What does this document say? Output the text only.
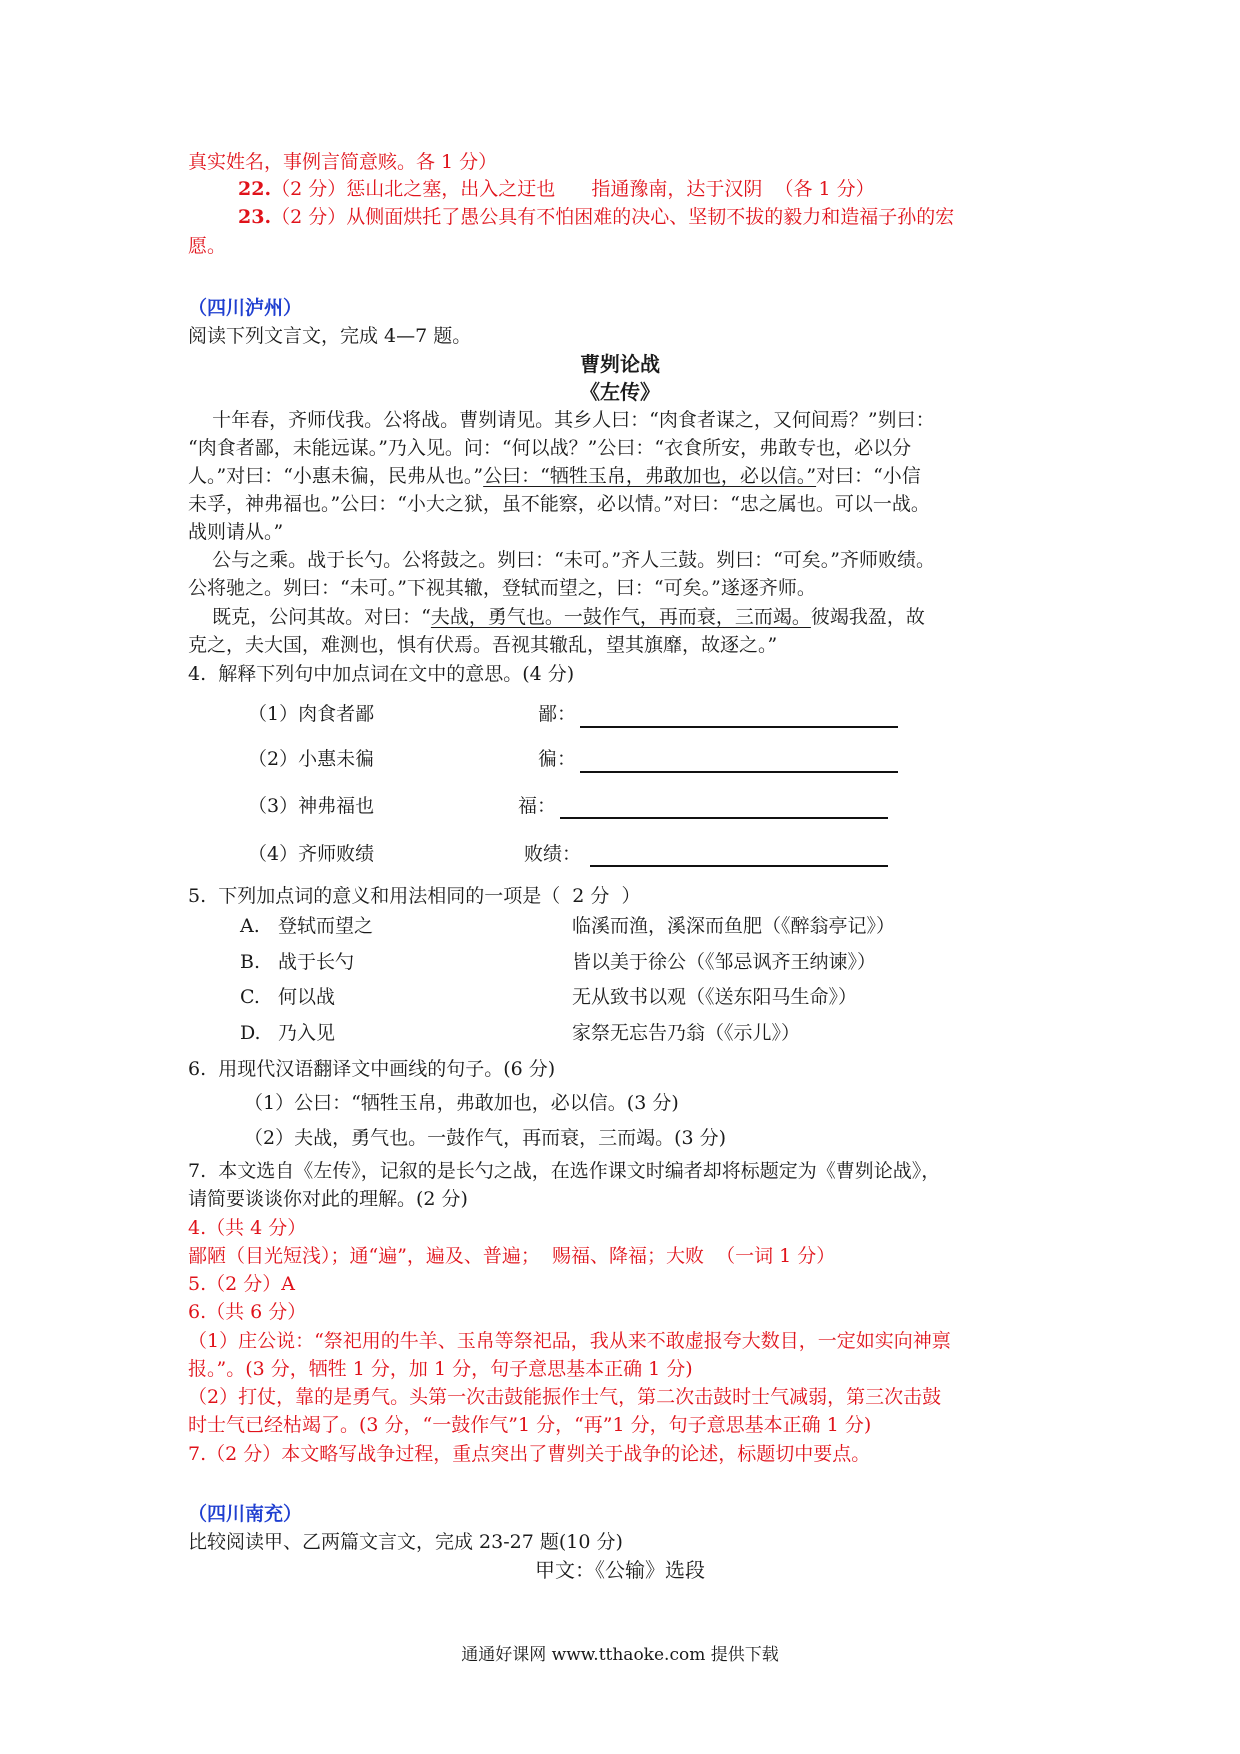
真实姓名，事例言简意赅。各 1 分）
22.（2 分）惩山北之塞，出入之迂也      指通豫南，达于汉阴  （各 1 分）
23.（2 分）从侧面烘托了愚公具有不怕困难的决心、坚韧不拔的毅力和造福子孙的宏
愿。
（四川泸州）
阅读下列文言文，完成 4—7 题。
曹刿论战
《左传》
十年春，齐师伐我。公将战。曹刿请见。其乡人曰：“肉食者谋之，又何间焉？”刿曰：
“肉食者鄙，未能远谋。”乃入见。问：“何以战？”公曰：“衣食所安，弗敢专也，必以分
人。”对曰：“小惠未徧，民弗从也。”公曰：“牺牲玉帛，弗敢加也，必以信。”对曰：“小信
未孚，神弗福也。”公曰：“小大之狱，虽不能察，必以情。”对曰：“忠之属也。可以一战。
战则请从。”
公与之乘。战于长勺。公将鼓之。刿曰：“未可。”齐人三鼓。刿曰：“可矣。”齐师败绩。
公将驰之。刿曰：“未可。”下视其辙，登轼而望之，曰：“可矣。”遂逐齐师。
既克，公问其故。对曰：“夫战，勇气也。一鼓作气，再而衰，三而竭。彼竭我盈，故
克之，夫大国，难测也，惧有伏焉。吾视其辙乱，望其旗靡，故逐之。”
4.  解释下列句中加点词在文中的意思。(4 分)
（1）肉食者鄙	鄙：
（2）小惠未徧	徧：
（3）神弗福也	福：
（4）齐师败绩	败绩：
5.  下列加点词的意义和用法相同的一项是（  2 分  ）
A. 登轼而望之	临溪而渔，溪深而鱼肥（《醉翁亭记》）
B. 战于长勺	皆以美于徐公（《邹忌讽齐王纳谏》）
C. 何以战	无从致书以观（《送东阳马生命》）
D. 乃入见	家祭无忘告乃翁（《示儿》）
6.  用现代汉语翻译文中画线的句子。(6 分)
（1）公曰：“牺牲玉帛，弗敢加也，必以信。(3 分)
（2）夫战，勇气也。一鼓作气，再而衰，三而竭。(3 分)
7.  本文选自《左传》，记叙的是长勺之战，在选作课文时编者却将标题定为《曹刿论战》，
请简要谈谈你对此的理解。(2 分)
4.（共 4 分）
鄙陋（目光短浅）；通“遍”，遍及、普遍；  赐福、降福；大败  （一词 1 分）
5.（2 分）A
6.（共 6 分）
（1）庄公说：“祭祀用的牛羊、玉帛等祭祀品，我从来不敢虚报夸大数目，一定如实向神禀
报。”。(3 分，牺牲 1 分，加 1 分，句子意思基本正确 1 分)
（2）打仗，靠的是勇气。头第一次击鼓能振作士气，第二次击鼓时士气减弱，第三次击鼓
时士气已经枯竭了。(3 分，“一鼓作气”1 分，“再”1 分，句子意思基本正确 1 分)
7.（2 分）本文略写战争过程，重点突出了曹刿关于战争的论述，标题切中要点。
（四川南充）
比较阅读甲、乙两篇文言文，完成 23-27 题(10 分)
甲文：《公输》选段
通通好课网 www.tthaoke.com 提供下载
